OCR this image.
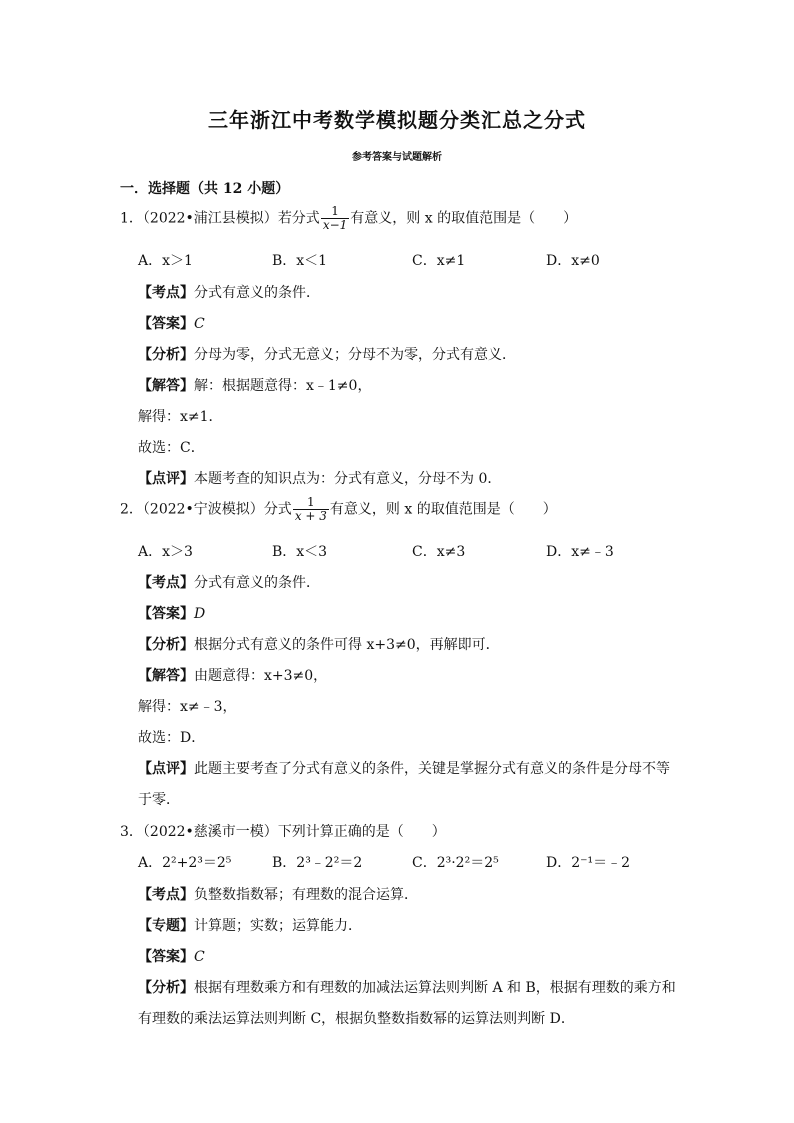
三年浙江中考数学模拟题分类汇总之分式
参考答案与试题解析
一．选择题（共 12 小题）
1．（2022•浦江县模拟）若分式 $\frac{1}{x-1}$ 有意义，则 x 的取值范围是（　　）
A．x＞1	B．x＜1	C．x≠1	D．x≠0
【考点】分式有意义的条件．
【答案】C
【分析】分母为零，分式无意义；分母不为零，分式有意义．
【解答】解：根据题意得：x﹣1≠0，
解得：x≠1．
故选：C．
【点评】本题考查的知识点为：分式有意义，分母不为 0．
2．（2022•宁波模拟）分式 $\frac{1}{x + 3}$ 有意义，则 x 的取值范围是（　　）
A．x＞3	B．x＜3	C．x≠3	D．x≠﹣3
【考点】分式有意义的条件．
【答案】D
【分析】根据分式有意义的条件可得 x+3≠0，再解即可．
【解答】由题意得：x+3≠0，
解得：x≠﹣3，
故选：D．
【点评】此题主要考查了分式有意义的条件，关键是掌握分式有意义的条件是分母不等
于零．
3．（2022•慈溪市一模）下列计算正确的是（　　）
A．2²+2³＝2⁵	B．2³﹣2²＝2	C．2³·2²＝2⁵	D．2⁻¹＝﹣2
【考点】负整数指数幂；有理数的混合运算．
【专题】计算题；实数；运算能力．
【答案】C
【分析】根据有理数乘方和有理数的加减法运算法则判断 A 和 B，根据有理数的乘方和
有理数的乘法运算法则判断 C，根据负整数指数幂的运算法则判断 D．
